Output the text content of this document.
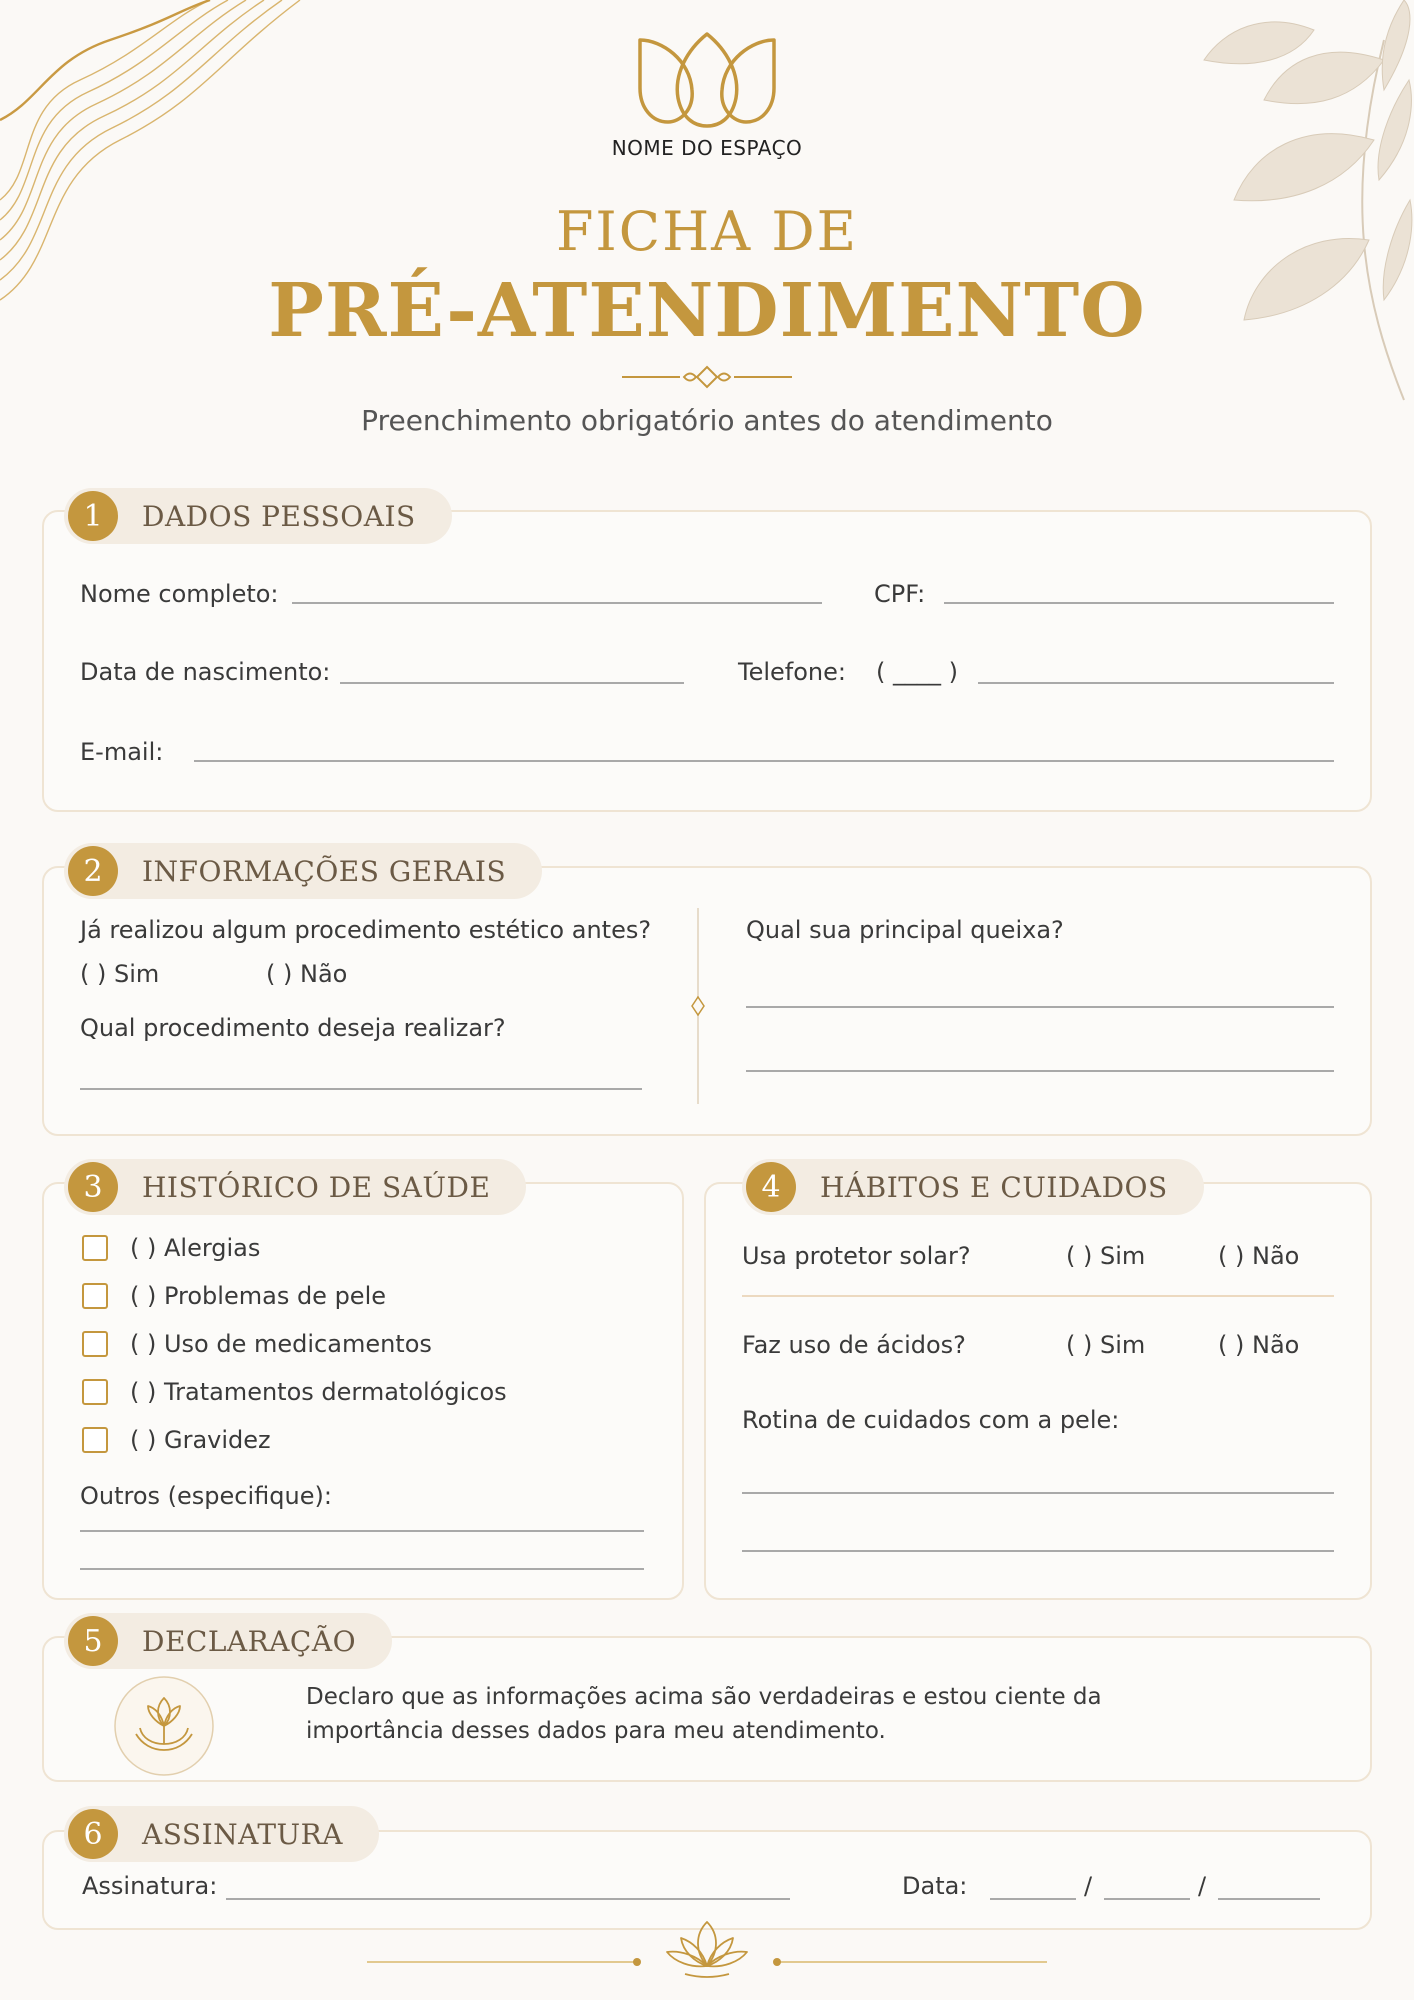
NOME DO ESPAÇO
FICHA DE
PRÉ-ATENDIMENTO
Preenchimento obrigatório antes do atendimento
1	DADOS PESSOAIS
Nome completo:	CPF:
Data de nascimento:	Telefone: ( ____ )
E-mail:
2	INFORMAÇÕES GERAIS
Já realizou algum procedimento estético antes?
( ) Sim	( ) Não
Qual procedimento deseja realizar?
Qual sua principal queixa?
3	HISTÓRICO DE SAÚDE
( ) Alergias
( ) Problemas de pele
( ) Uso de medicamentos
( ) Tratamentos dermatológicos
( ) Gravidez
Outros (especifique):
4	HÁBITOS E CUIDADOS
Usa protetor solar?	( ) Sim	( ) Não
Faz uso de ácidos?	( ) Sim	( ) Não
Rotina de cuidados com a pele:
5	DECLARAÇÃO
Declaro que as informações acima são verdadeiras e estou ciente da
importância desses dados para meu atendimento.
6	ASSINATURA
Assinatura:	Data:	/	/
